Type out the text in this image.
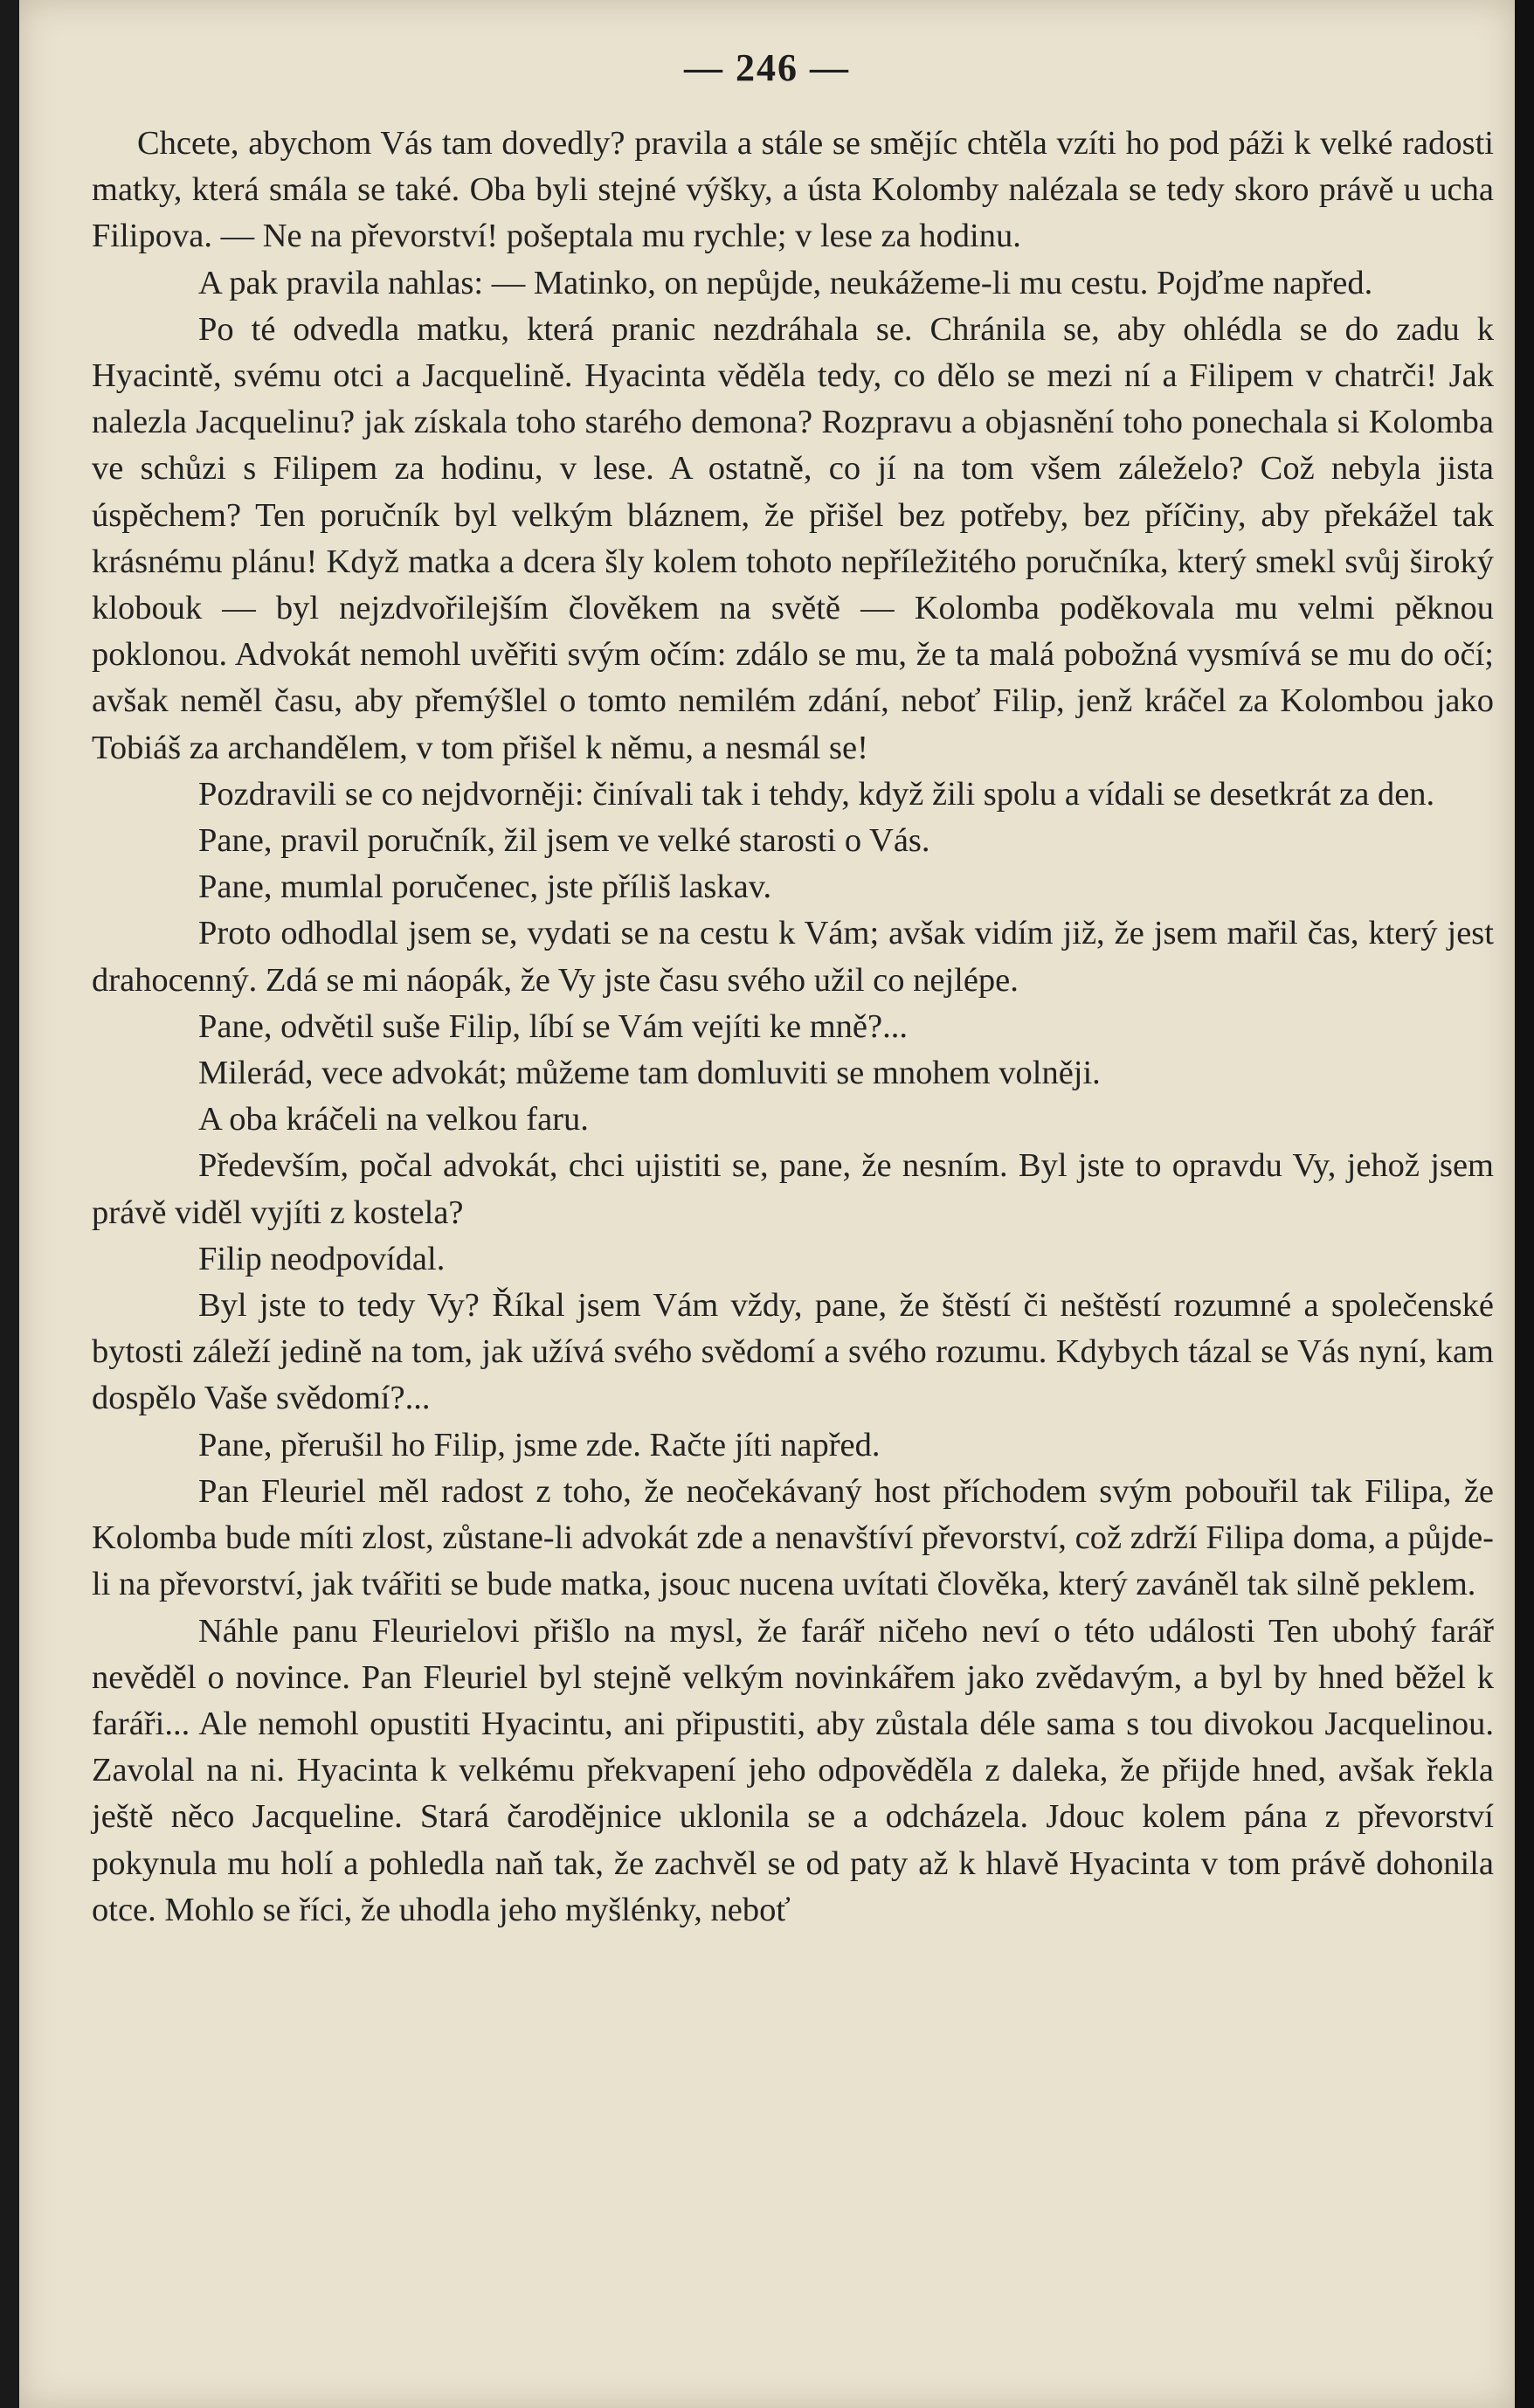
— 246 —

Chcete, abychom Vás tam dovedly? pravila a stále se smějíc chtěla vzíti ho pod páži k velké radosti matky, která smála se také. Oba byli stejné výšky, a ústa Kolomby nalézala se tedy skoro právě u ucha Filipova. — Ne na převorství! pošeptala mu rychle; v lese za hodinu.

A pak pravila nahlas: — Matinko, on nepůjde, neukážeme-li mu cestu. Pojďme napřed.

Po té odvedla matku, která pranic nezdráhala se. Chránila se, aby ohlédla se do zadu k Hyacintě, svému otci a Jacquelině. Hyacinta věděla tedy, co dělo se mezi ní a Filipem v chatrči! Jak nalezla Jacquelinu? jak získala toho starého demona? Rozpravu a objasnění toho ponechala si Kolomba ve schůzi s Filipem za hodinu, v lese. A ostatně, co jí na tom všem záleželo? Což nebyla jista úspěchem? Ten poručník byl velkým bláznem, že přišel bez potřeby, bez příčiny, aby překážel tak krásnému plánu! Když matka a dcera šly kolem tohoto nepříležitého poručníka, který smekl svůj široký klobouk — byl nejzdvořilejším člověkem na světě — Kolomba poděkovala mu velmi pěknou poklonou. Advokát nemohl uvěřiti svým očím: zdálo se mu, že ta malá pobožná vysmívá se mu do očí; avšak neměl času, aby přemýšlel o tomto nemilém zdání, neboť Filip, jenž kráčel za Kolombou jako Tobiáš za archandělem, v tom přišel k němu, a nesmál se!

Pozdravili se co nejdvorněji: činívali tak i tehdy, když žili spolu a vídali se desetkrát za den.

Pane, pravil poručník, žil jsem ve velké starosti o Vás.

Pane, mumlal poručenec, jste příliš laskav.

Proto odhodlal jsem se, vydati se na cestu k Vám; avšak vidím již, že jsem mařil čas, který jest drahocenný. Zdá se mi náopák, že Vy jste času svého užil co nejlépe.

Pane, odvětil suše Filip, líbí se Vám vejíti ke mně?...

Milerád, vece advokát; můžeme tam domluviti se mnohem volněji.

A oba kráčeli na velkou faru.

Především, počal advokát, chci ujistiti se, pane, že nesním. Byl jste to opravdu Vy, jehož jsem právě viděl vyjíti z kostela?

Filip neodpovídal.

Byl jste to tedy Vy? Říkal jsem Vám vždy, pane, že štěstí či neštěstí rozumné a společenské bytosti záleží jedině na tom, jak užívá svého svědomí a svého rozumu. Kdybych tázal se Vás nyní, kam dospělo Vaše svědomí?...

Pane, přerušil ho Filip, jsme zde. Račte jíti napřed.

Pan Fleuriel měl radost z toho, že neočekávaný host příchodem svým pobouřil tak Filipa, že Kolomba bude míti zlost, zůstane-li advokát zde a nenavštíví převorství, což zdrží Filipa doma, a půjde-li na převorství, jak tvářiti se bude matka, jsouc nucena uvítati člověka, který zaváněl tak silně peklem.

Náhle panu Fleurielovi přišlo na mysl, že farář ničeho neví o této události Ten ubohý farář nevěděl o novince. Pan Fleuriel byl stejně velkým novinkářem jako zvědavým, a byl by hned běžel k faráři... Ale nemohl opustiti Hyacintu, ani připustiti, aby zůstala déle sama s tou divokou Jacquelinou. Zavolal na ni. Hyacinta k velkému překvapení jeho odpověděla z daleka, že přijde hned, avšak řekla ještě něco Jacqueline. Stará čarodějnice uklonila se a odcházela. Jdouc kolem pána z převorství pokynula mu holí a pohledla naň tak, že zachvěl se od paty až k hlavě Hyacinta v tom právě dohonila otce. Mohlo se říci, že uhodla jeho myšlénky, neboť
